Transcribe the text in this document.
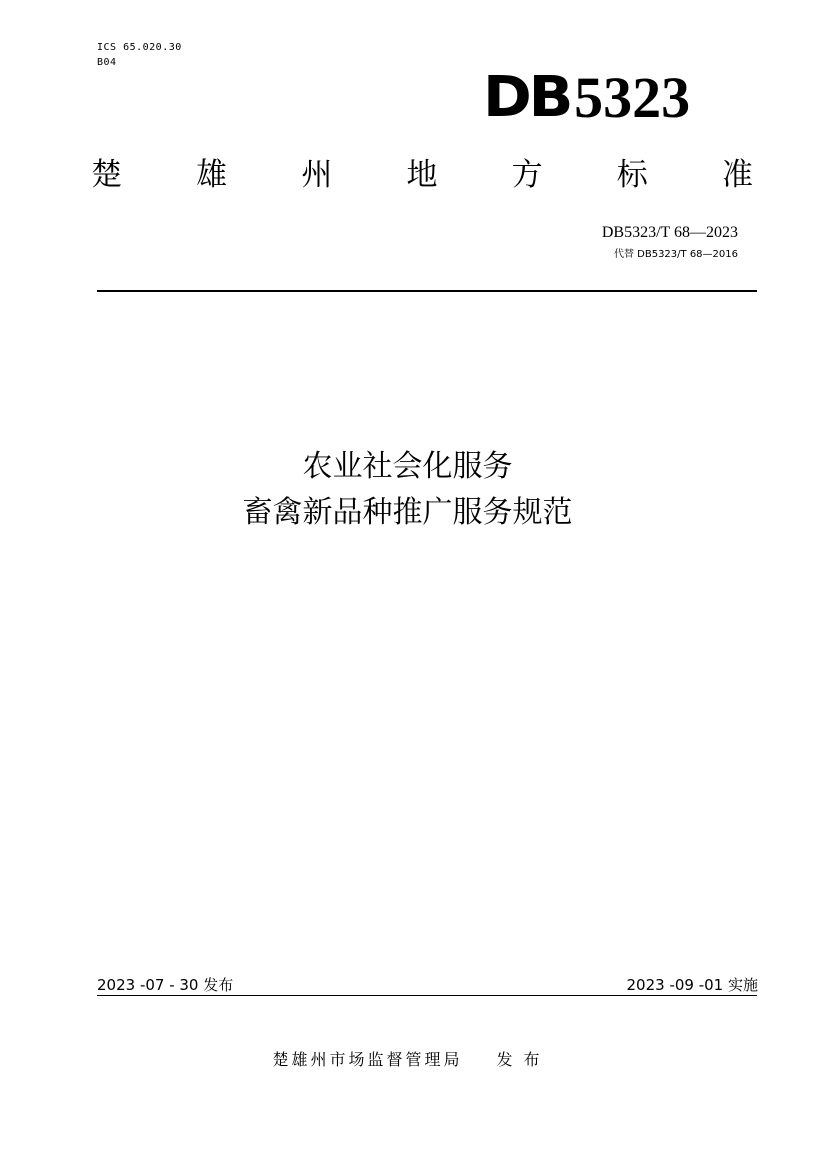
ICS 65.020.30
B04
DB 5323
楚 雄 州 地 方 标 准
DB5323/T 68—2023
代替 DB5323/T 68—2016
农业社会化服务
畜禽新品种推广服务规范
2023 -07 - 30 发布	2023 -09 -01 实施
楚雄州市场监督管理局 发 布
